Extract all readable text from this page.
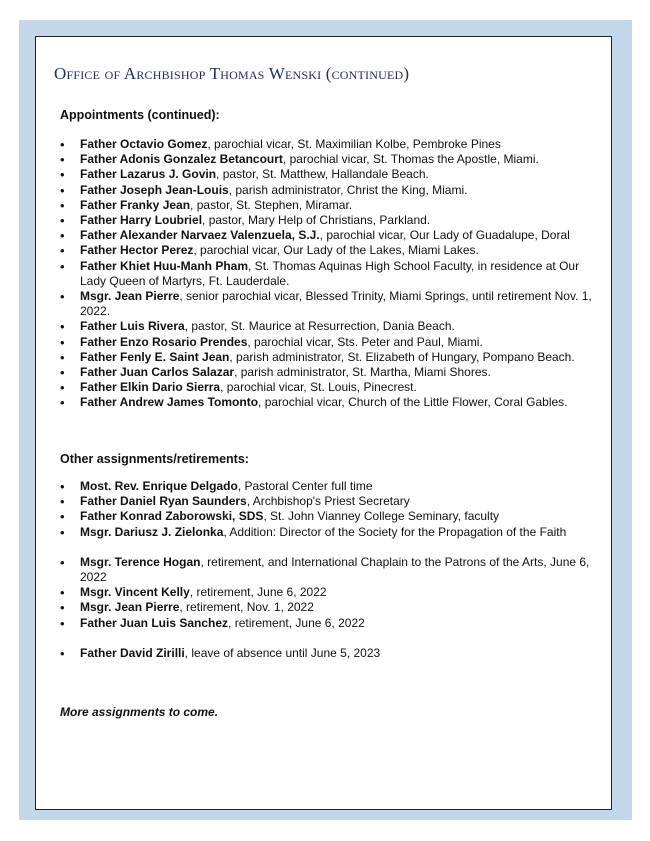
Office of Archbishop Thomas Wenski (continued)
Appointments (continued):
• Father Octavio Gomez, parochial vicar, St. Maximilian Kolbe, Pembroke Pines
• Father Adonis Gonzalez Betancourt, parochial vicar, St. Thomas the Apostle, Miami.
• Father Lazarus J. Govin, pastor, St. Matthew, Hallandale Beach.
• Father Joseph Jean-Louis, parish administrator, Christ the King, Miami.
• Father Franky Jean, pastor, St. Stephen, Miramar.
• Father Harry Loubriel, pastor, Mary Help of Christians, Parkland.
• Father Alexander Narvaez Valenzuela, S.J., parochial vicar, Our Lady of Guadalupe, Doral
• Father Hector Perez, parochial vicar, Our Lady of the Lakes, Miami Lakes.
• Father Khiet Huu-Manh Pham, St. Thomas Aquinas High School Faculty, in residence at Our Lady Queen of Martyrs, Ft. Lauderdale.
• Msgr. Jean Pierre, senior parochial vicar, Blessed Trinity, Miami Springs, until retirement Nov. 1, 2022.
• Father Luis Rivera, pastor, St. Maurice at Resurrection, Dania Beach.
• Father Enzo Rosario Prendes, parochial vicar, Sts. Peter and Paul, Miami.
• Father Fenly E. Saint Jean, parish administrator, St. Elizabeth of Hungary, Pompano Beach.
• Father Juan Carlos Salazar, parish administrator, St. Martha, Miami Shores.
• Father Elkin Dario Sierra, parochial vicar, St. Louis, Pinecrest.
• Father Andrew James Tomonto, parochial vicar, Church of the Little Flower, Coral Gables.
Other assignments/retirements:
• Most. Rev. Enrique Delgado, Pastoral Center full time
• Father Daniel Ryan Saunders, Archbishop's Priest Secretary
• Father Konrad Zaborowski, SDS, St. John Vianney College Seminary, faculty
• Msgr. Dariusz J. Zielonka, Addition: Director of the Society for the Propagation of the Faith
• Msgr. Terence Hogan, retirement, and International Chaplain to the Patrons of the Arts, June 6, 2022
• Msgr. Vincent Kelly, retirement, June 6, 2022
• Msgr. Jean Pierre, retirement, Nov. 1, 2022
• Father Juan Luis Sanchez, retirement, June 6, 2022
• Father David Zirilli, leave of absence until June 5, 2023
More assignments to come.
